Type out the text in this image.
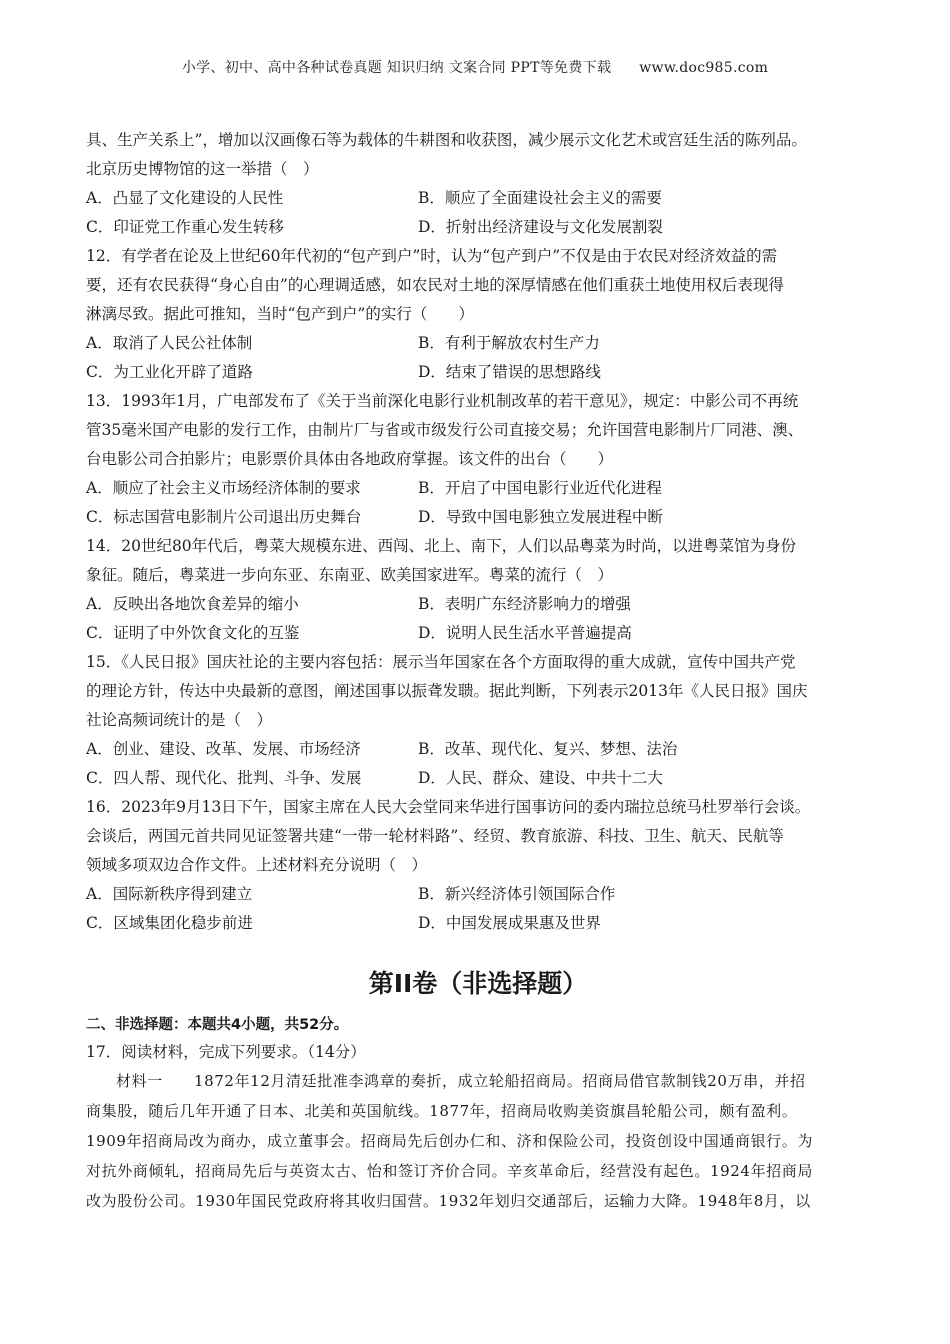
小学、初中、高中各种试卷真题 知识归纳 文案合同 PPT等免费下载 www.doc985.com
具、生产关系上”，增加以汉画像石等为载体的牛耕图和收获图，减少展示文化艺术或宫廷生活的陈列品。
北京历史博物馆的这一举措（　）
A．凸显了文化建设的人民性	B．顺应了全面建设社会主义的需要
C．印证党工作重心发生转移	D．折射出经济建设与文化发展割裂
12．有学者在论及上世纪60年代初的“包产到户”时，认为“包产到户”不仅是由于农民对经济效益的需
要，还有农民获得“身心自由”的心理调适感，如农民对土地的深厚情感在他们重获土地使用权后表现得
淋漓尽致。据此可推知，当时“包产到户”的实行（　　）
A．取消了人民公社体制	B．有利于解放农村生产力
C．为工业化开辟了道路	D．结束了错误的思想路线
13．1993年1月，广电部发布了《关于当前深化电影行业机制改革的若干意见》，规定：中影公司不再统
管35毫米国产电影的发行工作，由制片厂与省或市级发行公司直接交易；允许国营电影制片厂同港、澳、
台电影公司合拍影片；电影票价具体由各地政府掌握。该文件的出台（　　）
A．顺应了社会主义市场经济体制的要求	B．开启了中国电影行业近代化进程
C．标志国营电影制片公司退出历史舞台	D．导致中国电影独立发展进程中断
14．20世纪80年代后，粤菜大规模东进、西闯、北上、南下，人们以品粤菜为时尚，以进粤菜馆为身份
象征。随后，粤菜进一步向东亚、东南亚、欧美国家进军。粤菜的流行（　）
A．反映出各地饮食差异的缩小	B．表明广东经济影响力的增强
C．证明了中外饮食文化的互鉴	D．说明人民生活水平普遍提高
15．《人民日报》国庆社论的主要内容包括：展示当年国家在各个方面取得的重大成就，宣传中国共产党
的理论方针，传达中央最新的意图，阐述国事以振聋发聩。据此判断，下列表示2013年《人民日报》国庆
社论高频词统计的是（　）
A．创业、建设、改革、发展、市场经济	B．改革、现代化、复兴、梦想、法治
C．四人帮、现代化、批判、斗争、发展	D．人民、群众、建设、中共十二大
16．2023年9月13日下午，国家主席在人民大会堂同来华进行国事访问的委内瑞拉总统马杜罗举行会谈。
会谈后，两国元首共同见证签署共建“一带一轮材料路”、经贸、教育旅游、科技、卫生、航天、民航等
领域多项双边合作文件。上述材料充分说明（　）
A．国际新秩序得到建立	B．新兴经济体引领国际合作
C．区域集团化稳步前进	D．中国发展成果惠及世界
第II卷（非选择题）
二、非选择题：本题共4小题，共52分。
17．阅读材料，完成下列要求。（14分）
材料一　　1872年12月清廷批准李鸿章的奏折，成立轮船招商局。招商局借官款制钱20万串，并招
商集股，随后几年开通了日本、北美和英国航线。1877年，招商局收购美资旗昌轮船公司，颇有盈利。
1909年招商局改为商办，成立董事会。招商局先后创办仁和、济和保险公司，投资创设中国通商银行。为
对抗外商倾轧，招商局先后与英资太古、怡和签订齐价合同。辛亥革命后，经营没有起色。1924年招商局
改为股份公司。1930年国民党政府将其收归国营。1932年划归交通部后，运输力大降。1948年8月，以
